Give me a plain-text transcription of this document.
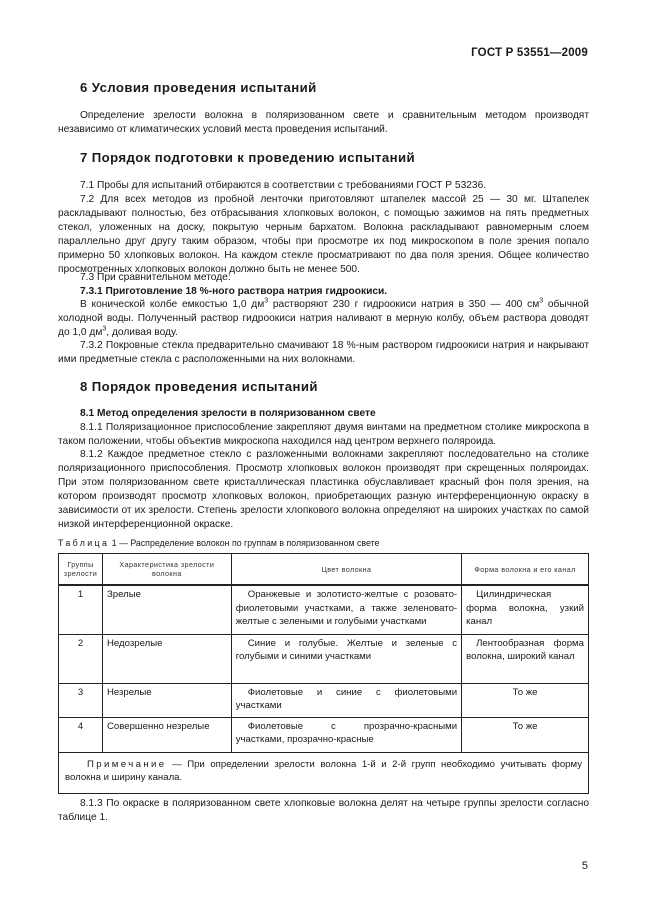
ГОСТ Р 53551—2009
6 Условия проведения испытаний

Определение зрелости волокна в поляризованном свете и сравнительным методом производят независимо от климатических условий места проведения испытаний.

7 Порядок подготовки к проведению испытаний

7.1 Пробы для испытаний отбираются в соответствии с требованиями ГОСТ Р 53236.

7.2 Для всех методов из пробной ленточки приготовляют штапелек массой 25 — 30 мг. Штапелек раскладывают полностью, без отбрасывания хлопковых волокон, с помощью зажимов на пять предметных стекол, уложенных на доску, покрытую черным бархатом. Волокна раскладывают равномерным слоем параллельно друг другу таким образом, чтобы при просмотре их под микроскопом в поле зрения попало примерно 50 хлопковых волокон. На каждом стекле просматривают по два поля зрения. Общее количество просмотренных хлопковых волокон должно быть не менее 500.

7.3 При сравнительном методе:

7.3.1 Приготовление 18 %-ного раствора натрия гидроокиси.

В конической колбе емкостью 1,0 $дм^3$ растворяют 230 г гидроокиси натрия в 350 — 400 $см^3$ обычной холодной воды. Полученный раствор гидроокиси натрия наливают в мерную колбу, объем раствора доводят до 1,0 $дм^3$, доливая воду.

7.3.2 Покровные стекла предварительно смачивают 18 %-ным раствором гидроокиси натрия и накрывают ими предметные стекла с расположенными на них волокнами.

8 Порядок проведения испытаний

8.1 Метод определения зрелости в поляризованном свете

8.1.1 Поляризационное приспособление закрепляют двумя винтами на предметном столике микроскопа в таком положении, чтобы объектив микроскопа находился над центром верхнего поляроида.

8.1.2 Каждое предметное стекло с разложенными волокнами закрепляют последовательно на столике поляризационного приспособления. Просмотр хлопковых волокон производят при скрещенных поляроидах. При этом поляризованном свете кристаллическая пластинка обуславливает красный фон поля зрения, на котором производят просмотр хлопковых волокон, приобретающих разную интерференционную окраску в зависимости от их зрелости. Степень зрелости хлопкового волокна определяют на широких участках по самой низкой интерференционной окраске.

Таблица 1 — Распределение волокон по группам в поляризованном свете

Группы зрелости	Характеристика зрелости волокна	Цвет волокна	Форма волокна и его канал
1	Зрелые	Оранжевые и золотисто-желтые с розовато-фиолетовыми участками, а также зеленовато-желтые с зелеными и голубыми участками	Цилиндрическая форма волокна, узкий канал
2	Недозрелые	Синие и голубые. Желтые и зеленые с голубыми и синими участками	Лентообразная форма волокна, широкий канал
3	Незрелые	Фиолетовые и синие с фиолетовыми участками	То же
4	Совершенно незрелые	Фиолетовые с прозрачно-красными участками, прозрачно-красные	То же
Примечание — При определении зрелости волокна 1-й и 2-й групп необходимо учитывать форму волокна и ширину канала.			

8.1.3 По окраске в поляризованном свете хлопковые волокна делят на четыре группы зрелости согласно таблице 1.

5
